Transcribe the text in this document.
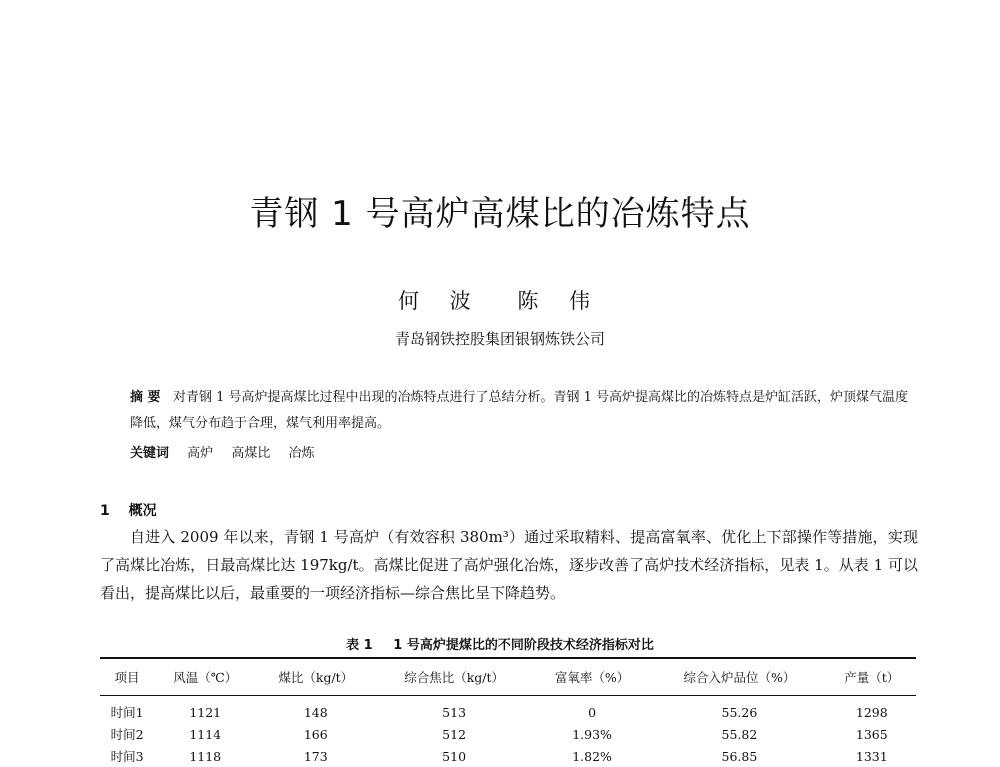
青钢 1 号高炉高煤比的冶炼特点
何 波 陈 伟
青岛钢铁控股集团银钢炼铁公司
摘 要 对青钢 1 号高炉提高煤比过程中出现的冶炼特点进行了总结分析。青钢 1 号高炉提高煤比的冶炼特点是炉缸活跃，炉顶煤气温度降低，煤气分布趋于合理，煤气利用率提高。
关键词 高炉 高煤比 冶炼
1 概况

自进入 2009 年以来，青钢 1 号高炉（有效容积 380m³）通过采取精料、提高富氧率、优化上下部操作等措施，实现了高煤比冶炼，日最高煤比达 197kg/t。高煤比促进了高炉强化冶炼，逐步改善了高炉技术经济指标，见表 1。从表 1 可以看出，提高煤比以后，最重要的一项经济指标—综合焦比呈下降趋势。

表 1 1 号高炉提煤比的不同阶段技术经济指标对比
项目	风温（℃）	煤比（kg/t）	综合焦比（kg/t）	富氧率（%）	综合入炉品位（%）	产量（t）
时间1	1121	148	513	0	55.26	1298
时间2	1114	166	512	1.93%	55.82	1365
时间3	1118	173	510	1.82%	56.85	1331
